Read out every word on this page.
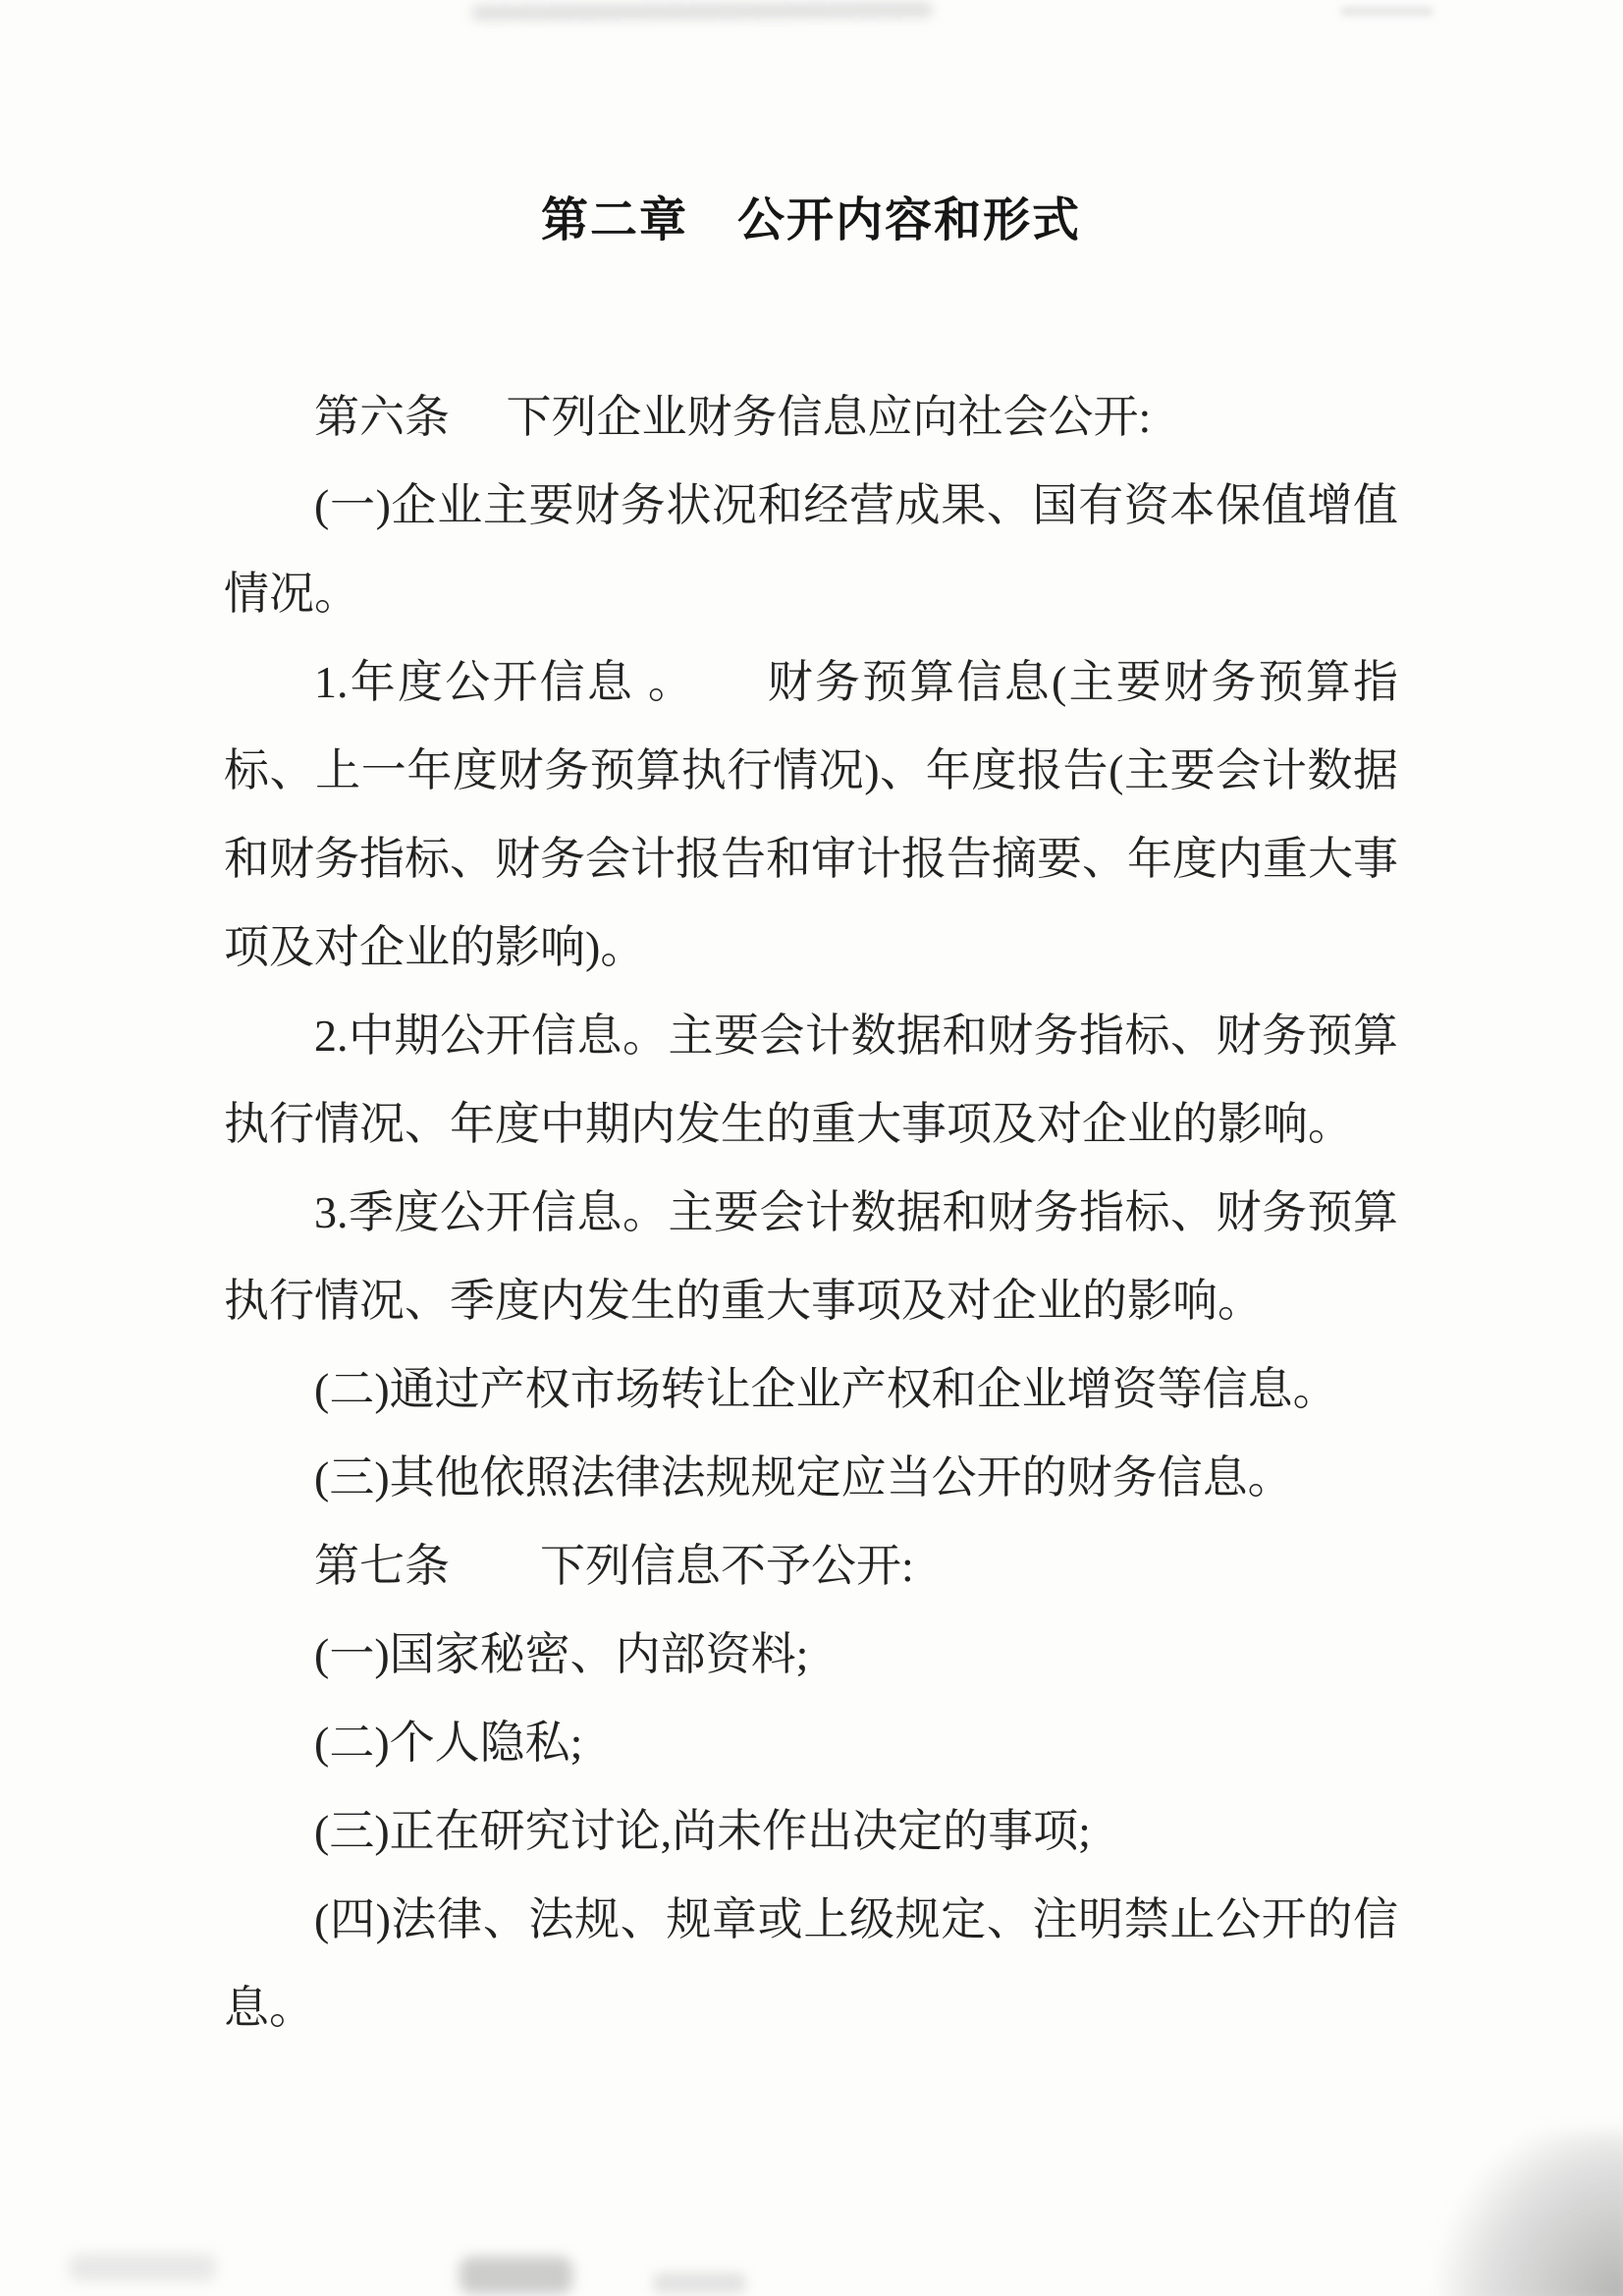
第二章　公开内容和形式

第六条　 下列企业财务信息应向社会公开:

(一)企业主要财务状况和经营成果、国有资本保值增值情况。

1.年度公开信息 。　　财务预算信息(主要财务预算指标、上一年度财务预算执行情况)、年度报告(主要会计数据和财务指标、财务会计报告和审计报告摘要、年度内重大事项及对企业的影响)。

2.中期公开信息。主要会计数据和财务指标、财务预算执行情况、年度中期内发生的重大事项及对企业的影响。

3.季度公开信息。主要会计数据和财务指标、财务预算执行情况、季度内发生的重大事项及对企业的影响。

(二)通过产权市场转让企业产权和企业增资等信息。

(三)其他依照法律法规规定应当公开的财务信息。

第七条　　下列信息不予公开:

(一)国家秘密、内部资料;

(二)个人隐私;

(三)正在研究讨论,尚未作出决定的事项;

(四)法律、法规、规章或上级规定、注明禁止公开的信息。
